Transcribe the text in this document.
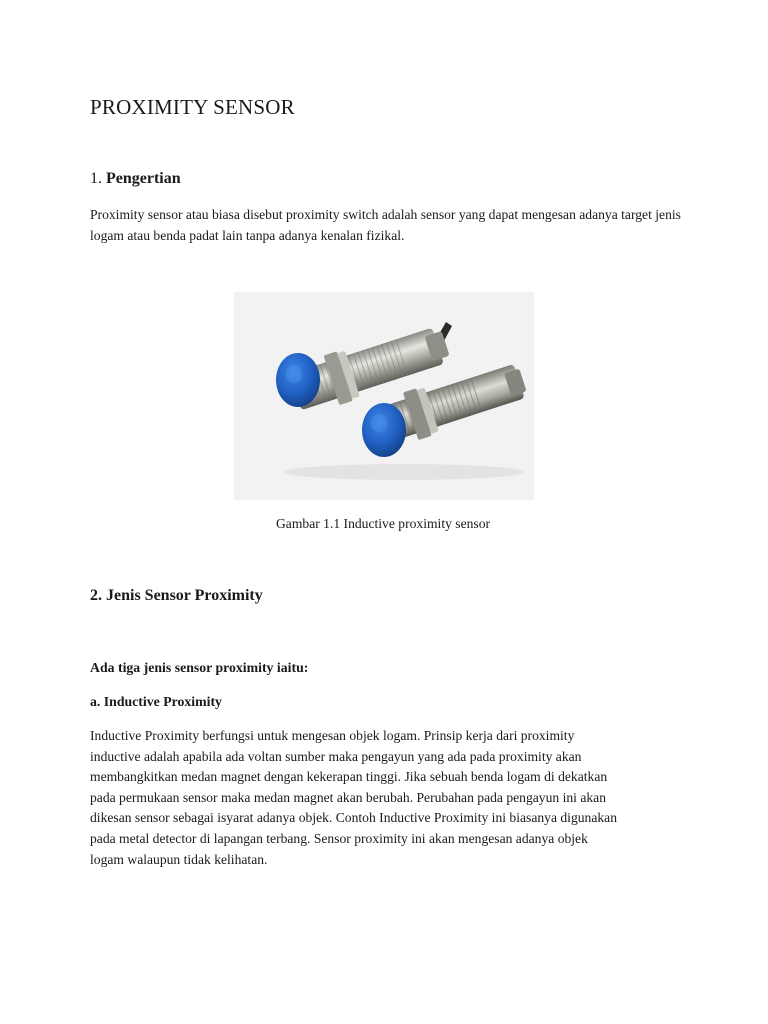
PROXIMITY SENSOR
1. Pengertian

Proximity sensor atau biasa disebut proximity switch adalah sensor yang dapat mengesan adanya target jenis logam atau benda padat lain tanpa adanya kenalan fizikal.

Gambar 1.1 Inductive proximity sensor

2. Jenis Sensor Proximity

Ada tiga jenis sensor proximity iaitu:

a. Inductive Proximity

Inductive Proximity berfungsi untuk mengesan objek logam. Prinsip kerja dari proximity
inductive adalah apabila ada voltan sumber maka pengayun yang ada pada proximity akan
membangkitkan medan magnet dengan kekerapan tinggi. Jika sebuah benda logam di dekatkan
pada permukaan sensor maka medan magnet akan berubah. Perubahan pada pengayun ini akan
dikesan sensor sebagai isyarat adanya objek. Contoh Inductive Proximity ini biasanya digunakan
pada metal detector di lapangan terbang. Sensor proximity ini akan mengesan adanya objek
logam walaupun tidak kelihatan.
